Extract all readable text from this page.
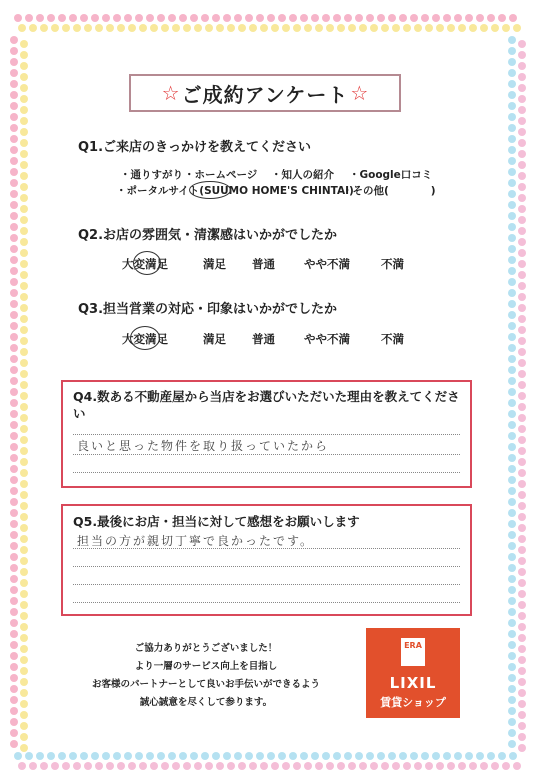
☆ ご成約アンケート ☆
Q1.ご来店のきっかけを教えてください
・通りすがり ・ホームページ ・知人の紹介 ・Google口コミ
・ポータルサイト(SUUMO HOME'S CHINTAI)
・その他(　　　　)
Q2.お店の雰囲気・清潔感はいかがでしたか
大変満足	満足 普通	やや不満	不満
Q3.担当営業の対応・印象はいかがでしたか
大変満足	満足 普通	やや不満	不満
Q4.数ある不動産屋から当店をお選びいただいた理由を教えてください
良いと思った物件を取り扱っていたから
Q5.最後にお店・担当に対して感想をお願いします
担当の方が親切丁寧で良かったです。
ご協力ありがとうございました！
より一層のサービス向上を目指し
お客様のパートナーとして良いお手伝いができるよう
誠心誠意を尽くして参ります。
ERA
LIXIL
賃貸ショップ
